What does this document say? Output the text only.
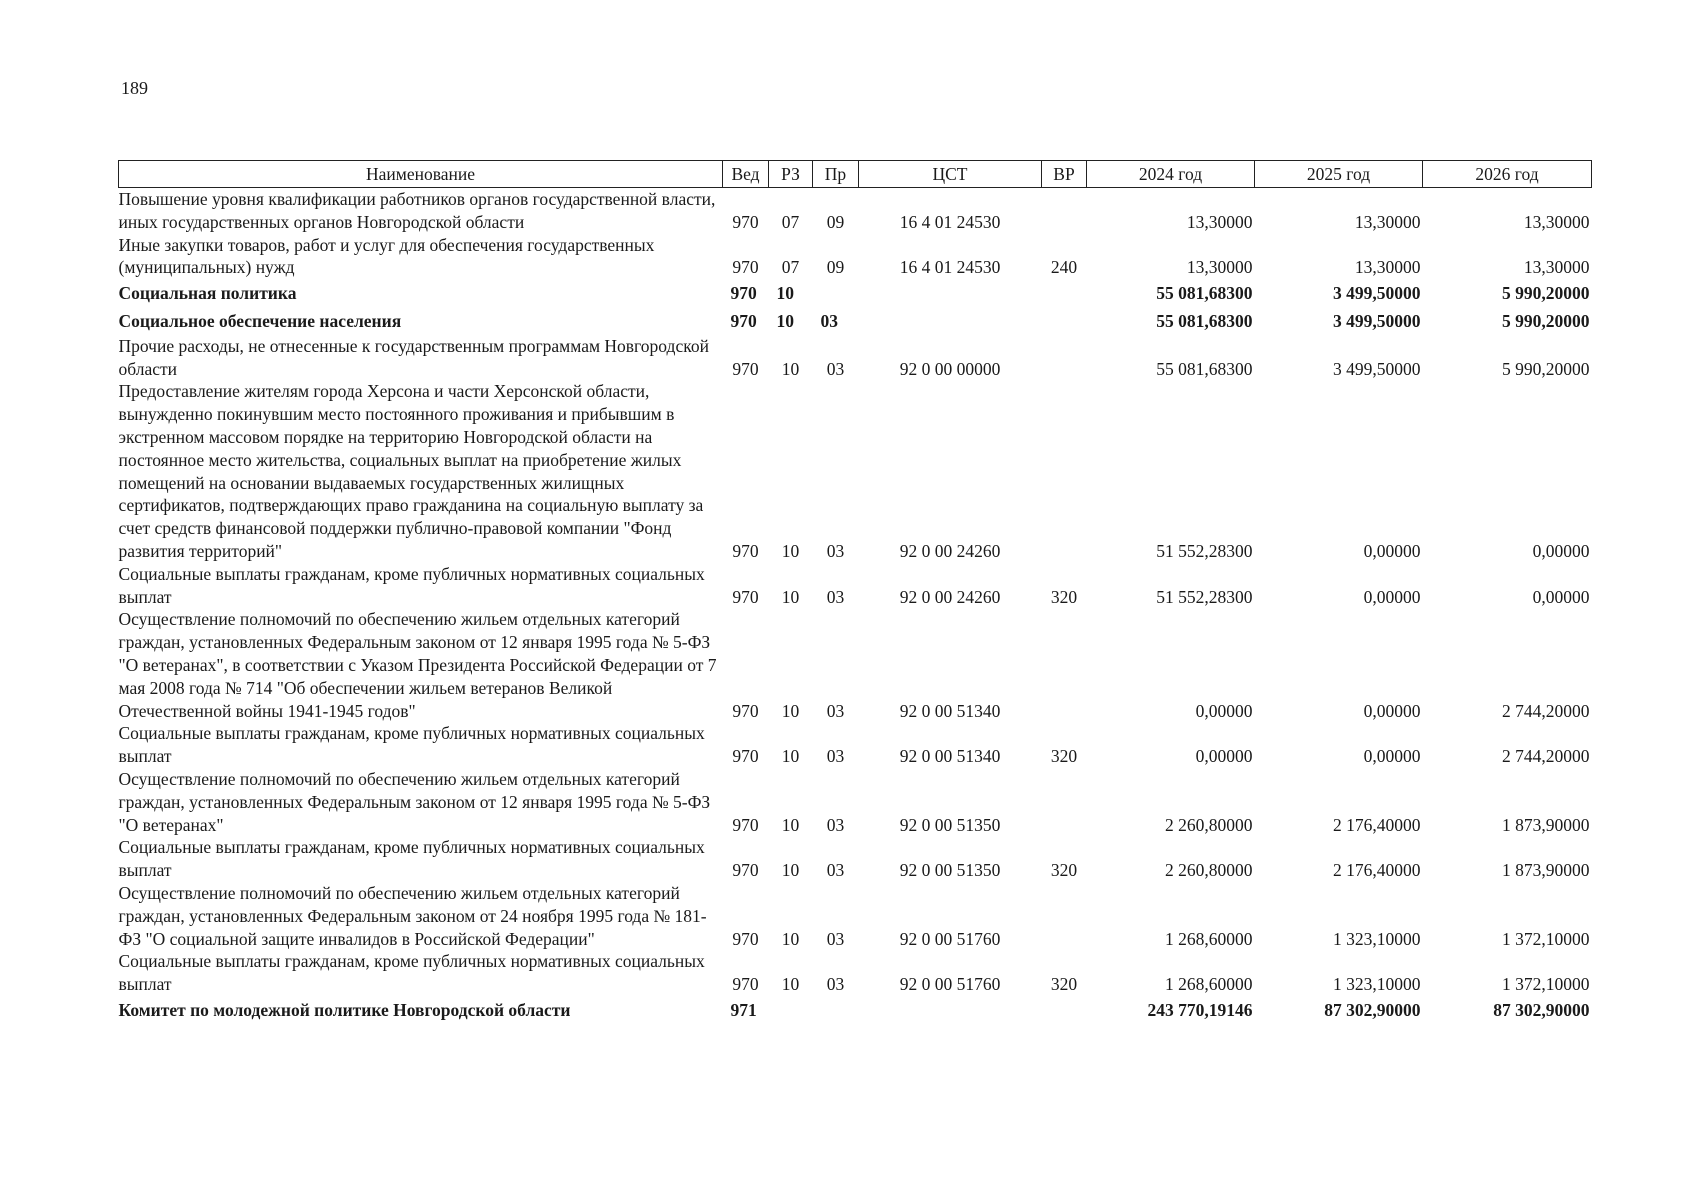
189
Наименование	Вед	РЗ	Пр	ЦСТ	ВР	2024 год	2025 год	2026 год
Повышение уровня квалификации работников органов государственной власти, иных государственных органов Новгородской области	970	07	09	16 4 01 24530		13,30000	13,30000	13,30000
Иные закупки товаров, работ и услуг для обеспечения государственных (муниципальных) нужд	970	07	09	16 4 01 24530	240	13,30000	13,30000	13,30000
Социальная политика	970	10				55 081,68300	3 499,50000	5 990,20000
Социальное обеспечение населения	970	10	03			55 081,68300	3 499,50000	5 990,20000
Прочие расходы, не отнесенные к государственным программам Новгородской области	970	10	03	92 0 00 00000		55 081,68300	3 499,50000	5 990,20000
Предоставление жителям города Херсона и части Херсонской области, вынужденно покинувшим место постоянного проживания и прибывшим в экстренном массовом порядке на территорию Новгородской области на постоянное место жительства, социальных выплат на приобретение жилых помещений на основании выдаваемых государственных жилищных сертификатов, подтверждающих право гражданина на социальную выплату за счет средств финансовой поддержки публично-правовой компании "Фонд развития территорий"	970	10	03	92 0 00 24260		51 552,28300	0,00000	0,00000
Социальные выплаты гражданам, кроме публичных нормативных социальных выплат	970	10	03	92 0 00 24260	320	51 552,28300	0,00000	0,00000
Осуществление полномочий по обеспечению жильем отдельных категорий граждан, установленных Федеральным законом от 12 января 1995 года № 5-ФЗ "О ветеранах", в соответствии с Указом Президента Российской Федерации от 7 мая 2008 года № 714 "Об обеспечении жильем ветеранов Великой Отечественной войны 1941-1945 годов"	970	10	03	92 0 00 51340		0,00000	0,00000	2 744,20000
Социальные выплаты гражданам, кроме публичных нормативных социальных выплат	970	10	03	92 0 00 51340	320	0,00000	0,00000	2 744,20000
Осуществление полномочий по обеспечению жильем отдельных категорий граждан, установленных Федеральным законом от 12 января 1995 года № 5-ФЗ "О ветеранах"	970	10	03	92 0 00 51350		2 260,80000	2 176,40000	1 873,90000
Социальные выплаты гражданам, кроме публичных нормативных социальных выплат	970	10	03	92 0 00 51350	320	2 260,80000	2 176,40000	1 873,90000
Осуществление полномочий по обеспечению жильем отдельных категорий граждан, установленных Федеральным законом от 24 ноября 1995 года № 181-ФЗ "О социальной защите инвалидов в Российской Федерации"	970	10	03	92 0 00 51760		1 268,60000	1 323,10000	1 372,10000
Социальные выплаты гражданам, кроме публичных нормативных социальных выплат	970	10	03	92 0 00 51760	320	1 268,60000	1 323,10000	1 372,10000
Комитет по молодежной политике Новгородской области	971					243 770,19146	87 302,90000	87 302,90000
